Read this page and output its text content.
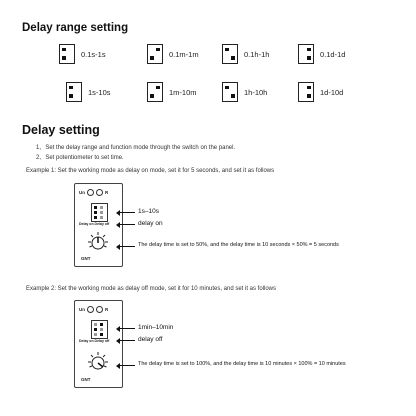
Delay range setting
0.1s-1s	0.1m-1m	0.1h-1h	0.1d-1d
1s-10s	1m-10m	1h-10h	1d-10d
Delay setting
1、Set the delay range and function mode through the switch on the panel.
2、Set potentiometer to set time.
Example 1: Set the working mode as delay on mode, set it for 5 seconds, and set it as follows
Un	R
Delay on Delay off
GNT
1s–10s
delay on
The delay time is set to 50%, and the delay time is 10 seconds × 50% = 5 seconds
Example 2: Set the working mode as delay off mode, set it for 10 minutes, and set it as follows
Un	R
Delay on Delay off
GNT
1min–10min
delay off
The delay time is set to 100%, and the delay time is 10 minutes × 100% = 10 minutes
